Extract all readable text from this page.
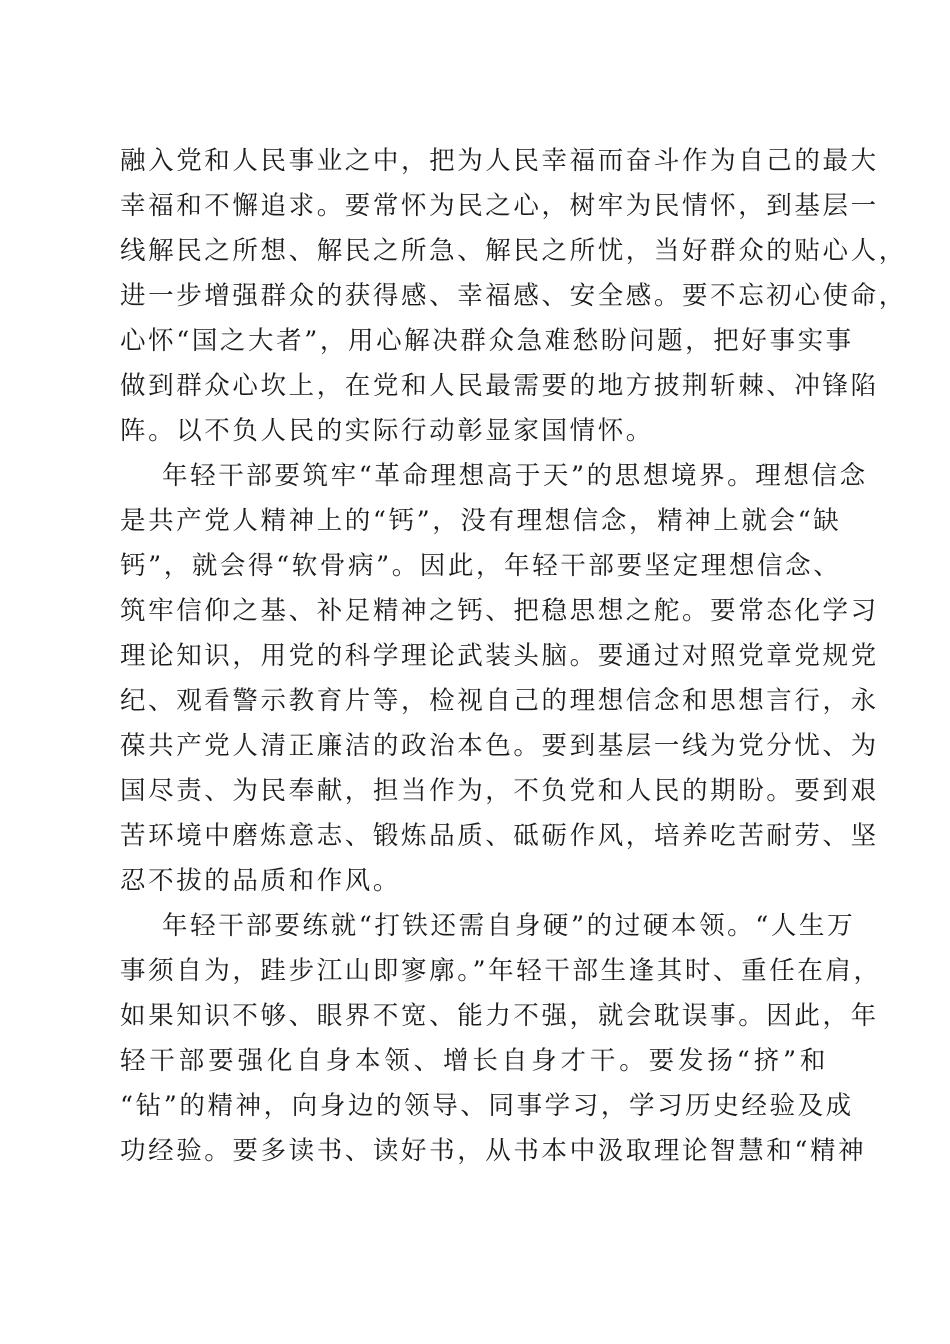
融入党和人民事业之中，把为人民幸福而奋斗作为自己的最大
幸福和不懈追求。要常怀为民之心，树牢为民情怀，到基层一
线解民之所想、解民之所急、解民之所忧，当好群众的贴心人，
进一步增强群众的获得感、幸福感、安全感。要不忘初心使命，
心怀“国之大者”，用心解决群众急难愁盼问题，把好事实事
做到群众心坎上，在党和人民最需要的地方披荆斩棘、冲锋陷
阵。以不负人民的实际行动彰显家国情怀。
年轻干部要筑牢“革命理想高于天”的思想境界。理想信念
是共产党人精神上的“钙”，没有理想信念，精神上就会“缺
钙”，就会得“软骨病”。因此，年轻干部要坚定理想信念、
筑牢信仰之基、补足精神之钙、把稳思想之舵。要常态化学习
理论知识，用党的科学理论武装头脑。要通过对照党章党规党
纪、观看警示教育片等，检视自己的理想信念和思想言行，永
葆共产党人清正廉洁的政治本色。要到基层一线为党分忧、为
国尽责、为民奉献，担当作为，不负党和人民的期盼。要到艰
苦环境中磨炼意志、锻炼品质、砥砺作风，培养吃苦耐劳、坚
忍不拔的品质和作风。
年轻干部要练就“打铁还需自身硬”的过硬本领。“人生万
事须自为，跬步江山即寥廓。”年轻干部生逢其时、重任在肩，
如果知识不够、眼界不宽、能力不强，就会耽误事。因此，年
轻干部要强化自身本领、增长自身才干。要发扬“挤”和
“钻”的精神，向身边的领导、同事学习，学习历史经验及成
功经验。要多读书、读好书，从书本中汲取理论智慧和“精神
